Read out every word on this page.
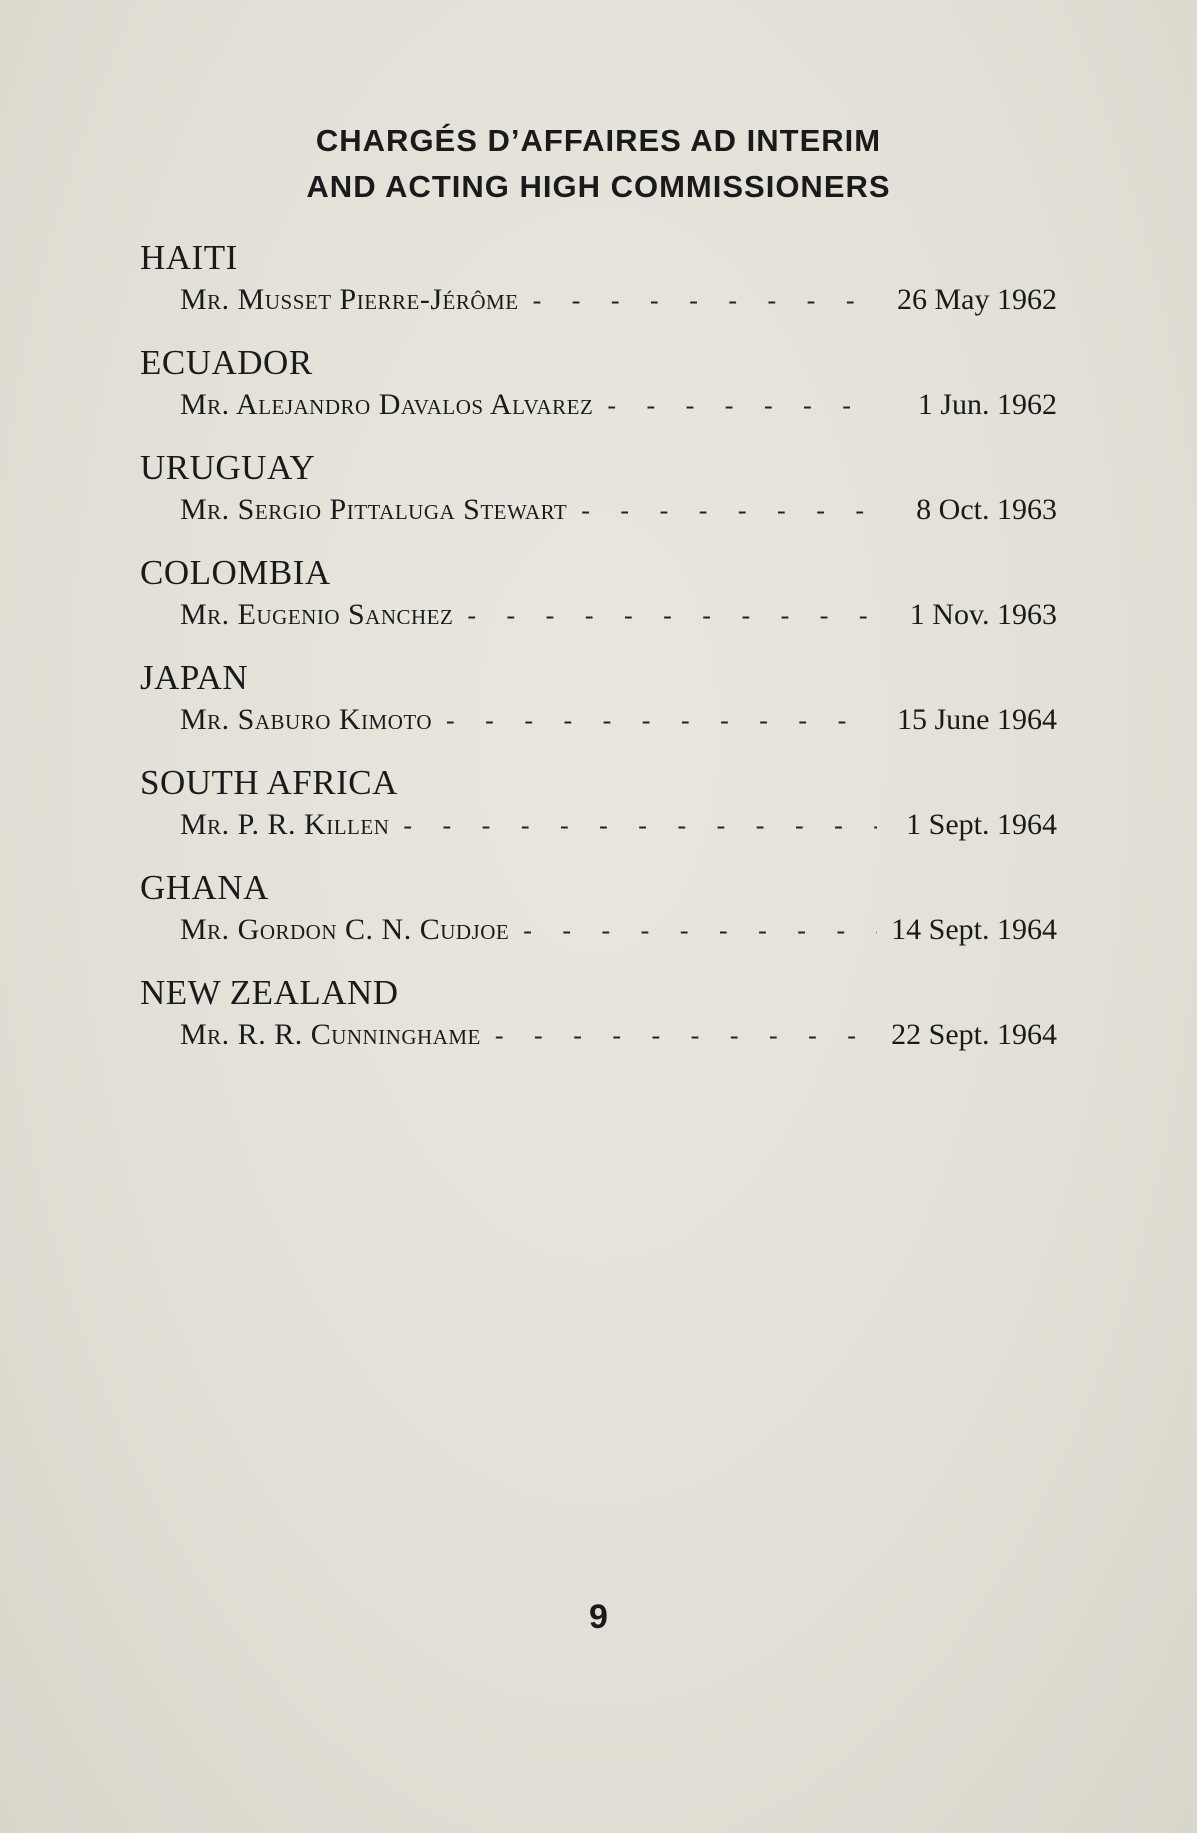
CHARGÉS D’AFFAIRES AD INTERIM
AND ACTING HIGH COMMISSIONERS
HAITI
Mr. Musset Pierre-Jérôme - - -	26 May 1962
ECUADOR
Mr. Alejandro Davalos Alvarez - - -	1 Jun. 1962
URUGUAY
Mr. Sergio Pittaluga Stewart - - -	8 Oct. 1963
COLOMBIA
Mr. Eugenio Sanchez - - -	1 Nov. 1963
JAPAN
Mr. Saburo Kimoto - - -	15 June 1964
SOUTH AFRICA
Mr. P. R. Killen - - -	1 Sept. 1964
GHANA
Mr. Gordon C. N. Cudjoe - - -	14 Sept. 1964
NEW ZEALAND
Mr. R. R. Cunninghame - - -	22 Sept. 1964
9
